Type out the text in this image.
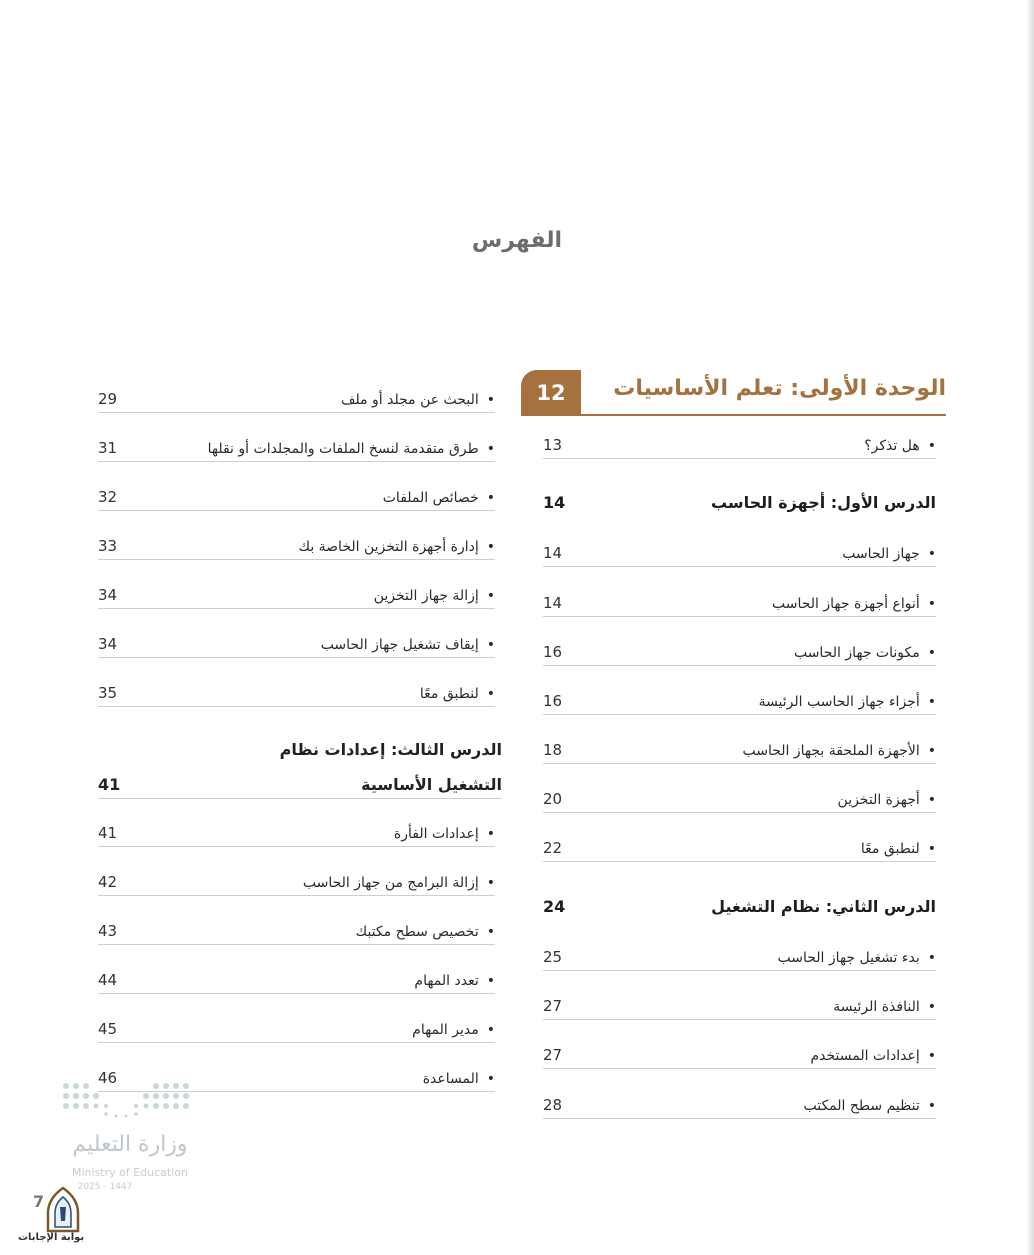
الفهرس
12	الوحدة الأولى: تعلم الأساسيات
•هل تذكر؟
13
الدرس الأول: أجهزة الحاسب
14
•جهاز الحاسب
14
•أنواع أجهزة جهاز الحاسب
14
•مكونات جهاز الحاسب
16
•أجزاء جهاز الحاسب الرئيسة
16
•الأجهزة الملحقة بجهاز الحاسب
18
•أجهزة التخزين
20
•لنطبق معًا
22
الدرس الثاني: نظام التشغيل
24
•بدء تشغيل جهاز الحاسب
25
•النافذة الرئيسة
27
•إعدادات المستخدم
27
•تنظيم سطح المكتب
28
•البحث عن مجلد أو ملف
29
•طرق متقدمة لنسخ الملفات والمجلدات أو نقلها
31
•خصائص الملفات
32
•إدارة أجهزة التخزين الخاصة بك
33
•إزالة جهاز التخزين
34
•إيقاف تشغيل جهاز الحاسب
34
•لنطبق معًا
35
الدرس الثالث: إعدادات نظام
التشغيل الأساسية
41
•إعدادات الفأرة
41
•إزالة البرامج من جهاز الحاسب
42
•تخصيص سطح مكتبك
43
•تعدد المهام
44
•مدير المهام
45
•المساعدة
46
وزارة التعليم
Ministry of Education
2025 - 1447
7
بوابة الإجابات
